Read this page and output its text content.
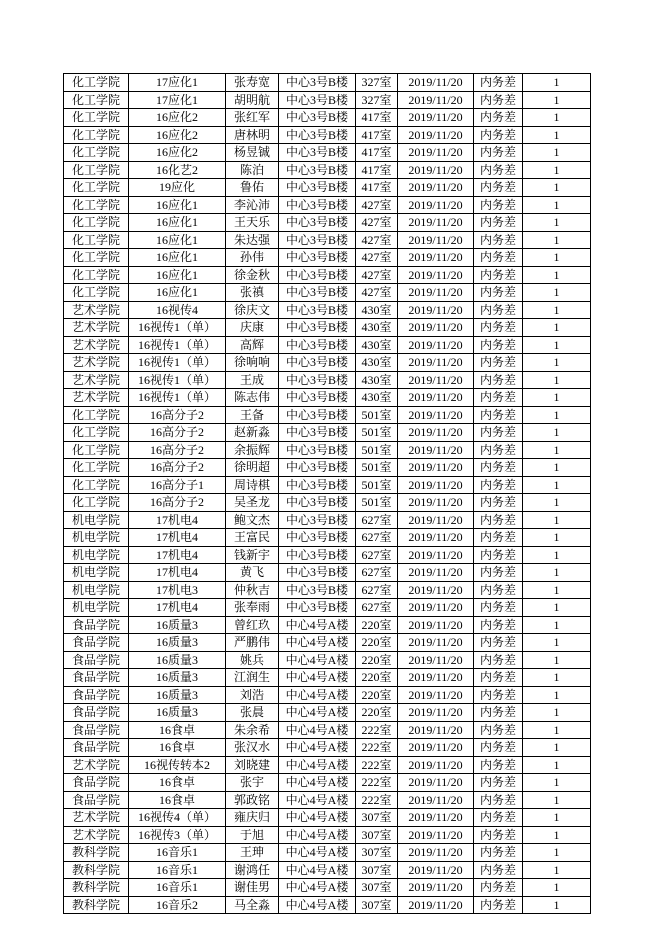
化工学院	17应化1	张寿宽	中心3号B楼	327室	2019/11/20	内务差	1
化工学院	17应化1	胡明航	中心3号B楼	327室	2019/11/20	内务差	1
化工学院	16应化2	张红军	中心3号B楼	417室	2019/11/20	内务差	1
化工学院	16应化2	唐林明	中心3号B楼	417室	2019/11/20	内务差	1
化工学院	16应化2	杨昱铖	中心3号B楼	417室	2019/11/20	内务差	1
化工学院	16化艺2	陈泊	中心3号B楼	417室	2019/11/20	内务差	1
化工学院	19应化	鲁佑	中心3号B楼	417室	2019/11/20	内务差	1
化工学院	16应化1	李沁沛	中心3号B楼	427室	2019/11/20	内务差	1
化工学院	16应化1	王天乐	中心3号B楼	427室	2019/11/20	内务差	1
化工学院	16应化1	朱达强	中心3号B楼	427室	2019/11/20	内务差	1
化工学院	16应化1	孙伟	中心3号B楼	427室	2019/11/20	内务差	1
化工学院	16应化1	徐金秋	中心3号B楼	427室	2019/11/20	内务差	1
化工学院	16应化1	张禛	中心3号B楼	427室	2019/11/20	内务差	1
艺术学院	16视传4	徐庆文	中心3号B楼	430室	2019/11/20	内务差	1
艺术学院	16视传1（单）	庆康	中心3号B楼	430室	2019/11/20	内务差	1
艺术学院	16视传1（单）	高辉	中心3号B楼	430室	2019/11/20	内务差	1
艺术学院	16视传1（单）	徐响响	中心3号B楼	430室	2019/11/20	内务差	1
艺术学院	16视传1（单）	王成	中心3号B楼	430室	2019/11/20	内务差	1
艺术学院	16视传1（单）	陈志伟	中心3号B楼	430室	2019/11/20	内务差	1
化工学院	16高分子2	王备	中心3号B楼	501室	2019/11/20	内务差	1
化工学院	16高分子2	赵新淼	中心3号B楼	501室	2019/11/20	内务差	1
化工学院	16高分子2	余振辉	中心3号B楼	501室	2019/11/20	内务差	1
化工学院	16高分子2	徐明超	中心3号B楼	501室	2019/11/20	内务差	1
化工学院	16高分子1	周诗棋	中心3号B楼	501室	2019/11/20	内务差	1
化工学院	16高分子2	吴圣龙	中心3号B楼	501室	2019/11/20	内务差	1
机电学院	17机电4	鲍文杰	中心3号B楼	627室	2019/11/20	内务差	1
机电学院	17机电4	王富民	中心3号B楼	627室	2019/11/20	内务差	1
机电学院	17机电4	钱新宇	中心3号B楼	627室	2019/11/20	内务差	1
机电学院	17机电4	黄飞	中心3号B楼	627室	2019/11/20	内务差	1
机电学院	17机电3	仲秋吉	中心3号B楼	627室	2019/11/20	内务差	1
机电学院	17机电4	张奉雨	中心3号B楼	627室	2019/11/20	内务差	1
食品学院	16质量3	曾红玖	中心4号A楼	220室	2019/11/20	内务差	1
食品学院	16质量3	严鹏伟	中心4号A楼	220室	2019/11/20	内务差	1
食品学院	16质量3	姚兵	中心4号A楼	220室	2019/11/20	内务差	1
食品学院	16质量3	江润生	中心4号A楼	220室	2019/11/20	内务差	1
食品学院	16质量3	刘浩	中心4号A楼	220室	2019/11/20	内务差	1
食品学院	16质量3	张晨	中心4号A楼	220室	2019/11/20	内务差	1
食品学院	16食卓	朱余希	中心4号A楼	222室	2019/11/20	内务差	1
食品学院	16食卓	张汉水	中心4号A楼	222室	2019/11/20	内务差	1
艺术学院	16视传转本2	刘晓建	中心4号A楼	222室	2019/11/20	内务差	1
食品学院	16食卓	张宇	中心4号A楼	222室	2019/11/20	内务差	1
食品学院	16食卓	郭政铭	中心4号A楼	222室	2019/11/20	内务差	1
艺术学院	16视传4（单）	雍庆归	中心4号A楼	307室	2019/11/20	内务差	1
艺术学院	16视传3（单）	于旭	中心4号A楼	307室	2019/11/20	内务差	1
教科学院	16音乐1	王珅	中心4号A楼	307室	2019/11/20	内务差	1
教科学院	16音乐1	谢鸿任	中心4号A楼	307室	2019/11/20	内务差	1
教科学院	16音乐1	谢佳男	中心4号A楼	307室	2019/11/20	内务差	1
教科学院	16音乐2	马全淼	中心4号A楼	307室	2019/11/20	内务差	1
